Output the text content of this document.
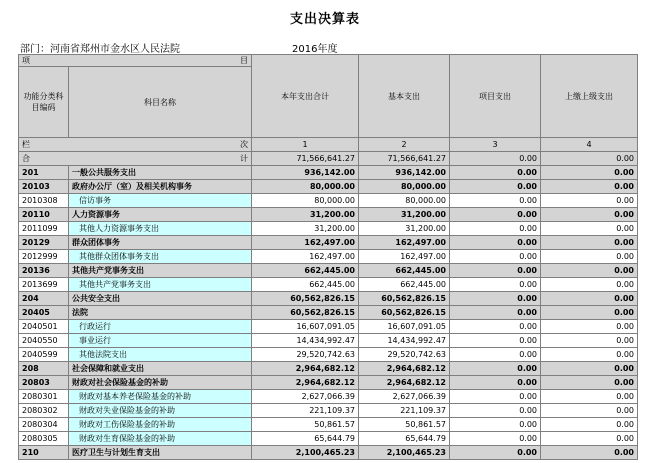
支出决算表
部门：河南省郑州市金水区人民法院	2016年度
项 目		本年支出合计	基本支出	项目支出	上缴上级支出
功能分类科目编码	科目名称				

栏 次		1	2	3	4

合 计		71,566,641.27	71,566,641.27	0.00	0.00
201	一般公共服务支出	936,142.00	936,142.00	0.00	0.00
20103	政府办公厅（室）及相关机构事务	80,000.00	80,000.00	0.00	0.00
2010308	信访事务	80,000.00	80,000.00	0.00	0.00
20110	人力资源事务	31,200.00	31,200.00	0.00	0.00
2011099	其他人力资源事务支出	31,200.00	31,200.00	0.00	0.00
20129	群众团体事务	162,497.00	162,497.00	0.00	0.00
2012999	其他群众团体事务支出	162,497.00	162,497.00	0.00	0.00
20136	其他共产党事务支出	662,445.00	662,445.00	0.00	0.00
2013699	其他共产党事务支出	662,445.00	662,445.00	0.00	0.00
204	公共安全支出	60,562,826.15	60,562,826.15	0.00	0.00
20405	法院	60,562,826.15	60,562,826.15	0.00	0.00
2040501	行政运行	16,607,091.05	16,607,091.05	0.00	0.00
2040550	事业运行	14,434,992.47	14,434,992.47	0.00	0.00
2040599	其他法院支出	29,520,742.63	29,520,742.63	0.00	0.00
208	社会保障和就业支出	2,964,682.12	2,964,682.12	0.00	0.00
20803	财政对社会保险基金的补助	2,964,682.12	2,964,682.12	0.00	0.00
2080301	财政对基本养老保险基金的补助	2,627,066.39	2,627,066.39	0.00	0.00
2080302	财政对失业保险基金的补助	221,109.37	221,109.37	0.00	0.00
2080304	财政对工伤保险基金的补助	50,861.57	50,861.57	0.00	0.00
2080305	财政对生育保险基金的补助	65,644.79	65,644.79	0.00	0.00
210	医疗卫生与计划生育支出	2,100,465.23	2,100,465.23	0.00	0.00
